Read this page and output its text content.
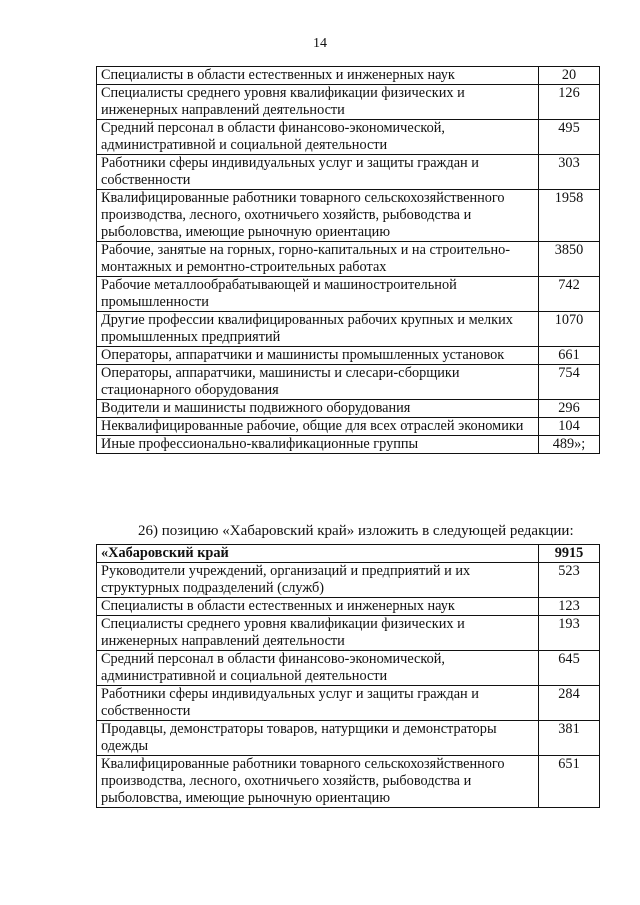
14
Специалисты в области естественных и инженерных наук	20
Специалисты среднего уровня квалификации физических и инженерных направлений деятельности	126
Средний персонал в области финансово-экономической, административной и социальной деятельности	495
Работники сферы индивидуальных услуг и защиты граждан и собственности	303
Квалифицированные работники товарного сельскохозяйственного производства, лесного, охотничьего хозяйств, рыбоводства и рыболовства, имеющие рыночную ориентацию	1958
Рабочие, занятые на горных, горно-капитальных и на строительно-монтажных и ремонтно-строительных работах	3850
Рабочие металлообрабатывающей и машиностроительной промышленности	742
Другие профессии квалифицированных рабочих крупных и мелких промышленных предприятий	1070
Операторы, аппаратчики и машинисты промышленных установок	661
Операторы, аппаратчики, машинисты и слесари-сборщики стационарного оборудования	754
Водители и машинисты подвижного оборудования	296
Неквалифицированные рабочие, общие для всех отраслей экономики	104
Иные профессионально-квалификационные группы	489»;
26) позицию «Хабаровский край» изложить в следующей редакции:
«Хабаровский край	9915
Руководители учреждений, организаций и предприятий и их структурных подразделений (служб)	523
Специалисты в области естественных и инженерных наук	123
Специалисты среднего уровня квалификации физических и инженерных направлений деятельности	193
Средний персонал в области финансово-экономической, административной и социальной деятельности	645
Работники сферы индивидуальных услуг и защиты граждан и собственности	284
Продавцы, демонстраторы товаров, натурщики и демонстраторы одежды	381
Квалифицированные работники товарного сельскохозяйственного производства, лесного, охотничьего хозяйств, рыбоводства и рыболовства, имеющие рыночную ориентацию	651
